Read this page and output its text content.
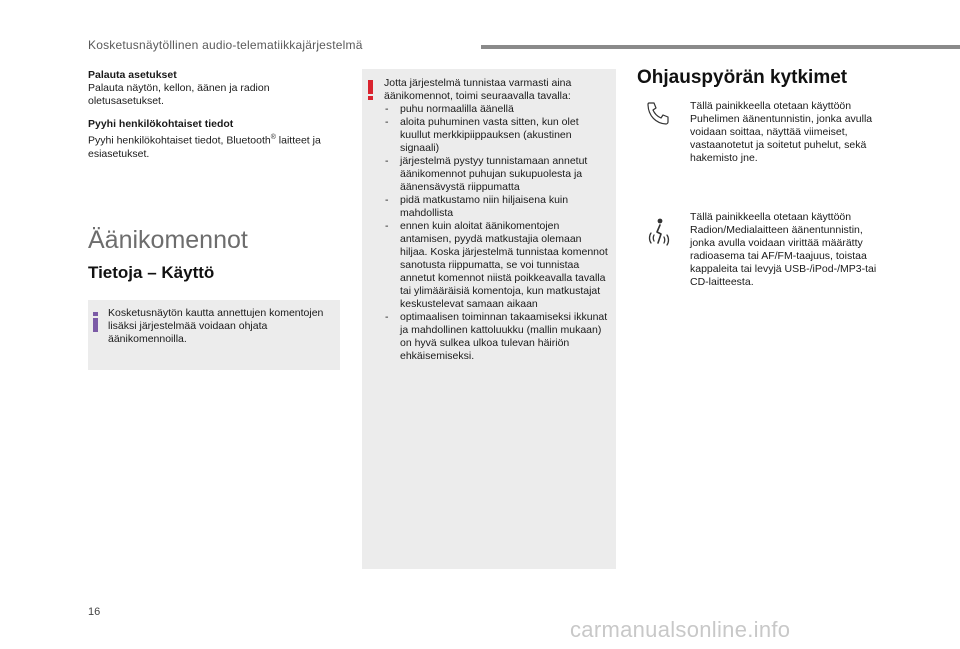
Kosketusnäytöllinen audio-telematiikkajärjestelmä

Palauta asetukset
Palauta näytön, kellon, äänen ja radion oletusasetukset.

Pyyhi henkilökohtaiset tiedot
Pyyhi henkilökohtaiset tiedot, Bluetooth® laitteet ja esiasetukset.

Äänikomennot
Tietoja – Käyttö
Kosketusnäytön kautta annettujen komentojen lisäksi järjestelmää voidaan ohjata äänikomennoilla.
Jotta järjestelmä tunnistaa varmasti aina äänikomennot, toimi seuraavalla tavalla:
- puhu normaalilla äänellä
- aloita puhuminen vasta sitten, kun olet kuullut merkkipiippauksen (akustinen signaali)
- järjestelmä pystyy tunnistamaan annetut äänikomennot puhujan sukupuolesta ja äänensävystä riippumatta
- pidä matkustamo niin hiljaisena kuin mahdollista
- ennen kuin aloitat äänikomentojen antamisen, pyydä matkustajia olemaan hiljaa. Koska järjestelmä tunnistaa komennot sanotusta riippumatta, se voi tunnistaa annetut komennot niistä poikkeavalla tavalla tai ylimääräisiä komentoja, kun matkustajat keskustelevat samaan aikaan
- optimaalisen toiminnan takaamiseksi ikkunat ja mahdollinen kattoluukku (mallin mukaan) on hyvä sulkea ulkoa tulevan häiriön ehkäisemiseksi.
Ohjauspyörän kytkimet
Tällä painikkeella otetaan käyttöön Puhelimen äänentunnistin, jonka avulla voidaan soittaa, näyttää viimeiset, vastaanotetut ja soitetut puhelut, sekä hakemisto jne.
Tällä painikkeella otetaan käyttöön Radion/Medialaitteen äänentunnistin, jonka avulla voidaan virittää määrätty radioasema tai AF/FM-taajuus, toistaa kappaleita tai levyjä USB-/iPod-/MP3-tai CD-laitteesta.
16
carmanualsonline.info
